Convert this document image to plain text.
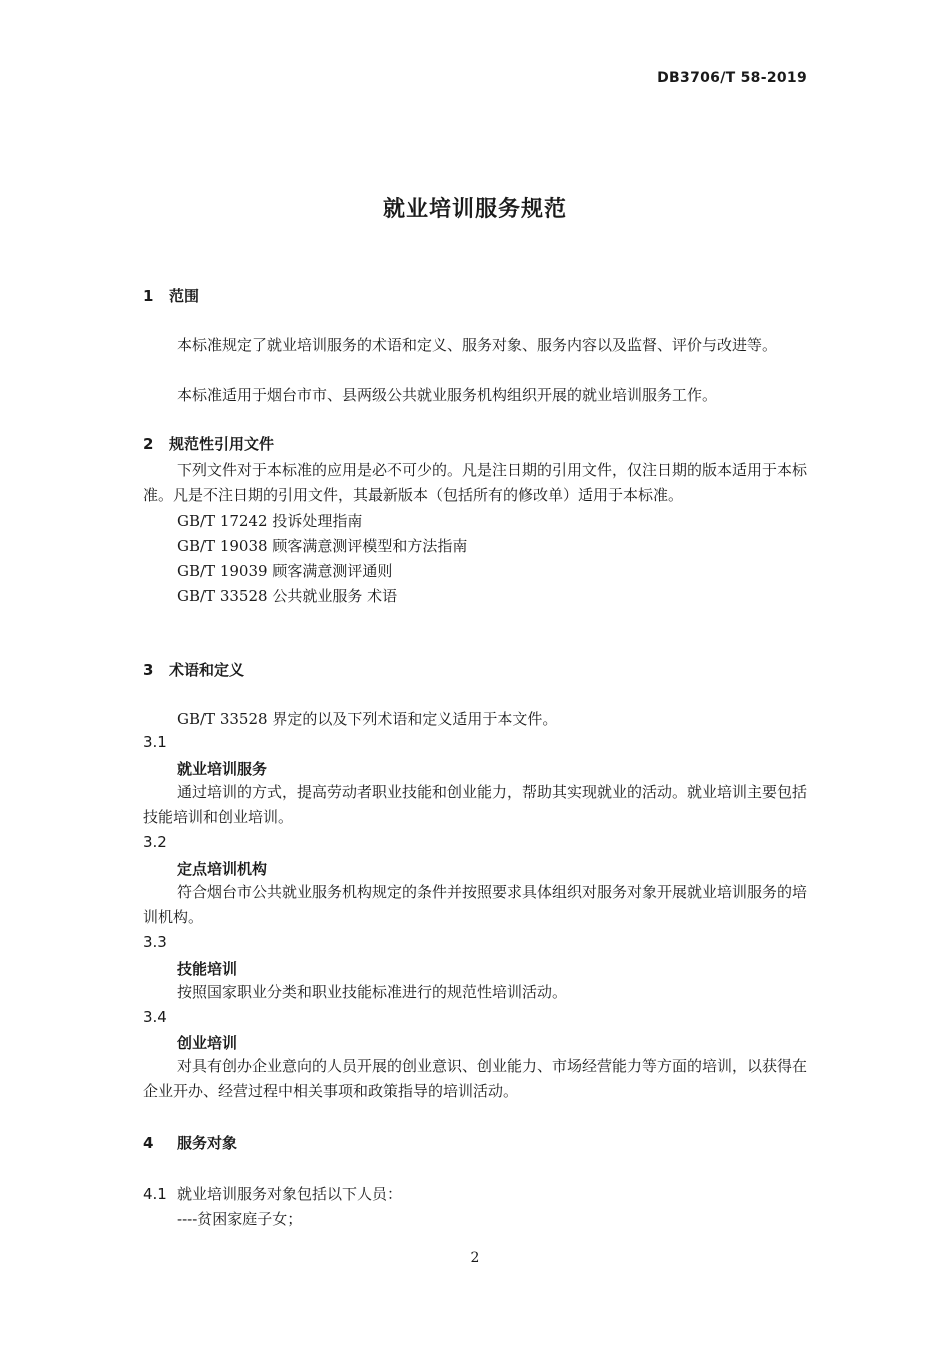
DB3706/T 58-2019
就业培训服务规范
1 范围
本标准规定了就业培训服务的术语和定义、服务对象、服务内容以及监督、评价与改进等。
本标准适用于烟台市市、县两级公共就业服务机构组织开展的就业培训服务工作。
2 规范性引用文件
下列文件对于本标准的应用是必不可少的。凡是注日期的引用文件，仅注日期的版本适用于本标准。凡是不注日期的引用文件，其最新版本（包括所有的修改单）适用于本标准。
GB/T 17242 投诉处理指南
GB/T 19038 顾客满意测评模型和方法指南
GB/T 19039 顾客满意测评通则
GB/T 33528 公共就业服务 术语
3 术语和定义
GB/T 33528 界定的以及下列术语和定义适用于本文件。
3.1
就业培训服务
通过培训的方式，提高劳动者职业技能和创业能力，帮助其实现就业的活动。就业培训主要包括技能培训和创业培训。
3.2
定点培训机构
符合烟台市公共就业服务机构规定的条件并按照要求具体组织对服务对象开展就业培训服务的培训机构。
3.3
技能培训
按照国家职业分类和职业技能标准进行的规范性培训活动。
3.4
创业培训
对具有创办企业意向的人员开展的创业意识、创业能力、市场经营能力等方面的培训，以获得在企业开办、经营过程中相关事项和政策指导的培训活动。
4 服务对象
4.1 就业培训服务对象包括以下人员：
----贫困家庭子女；
2
